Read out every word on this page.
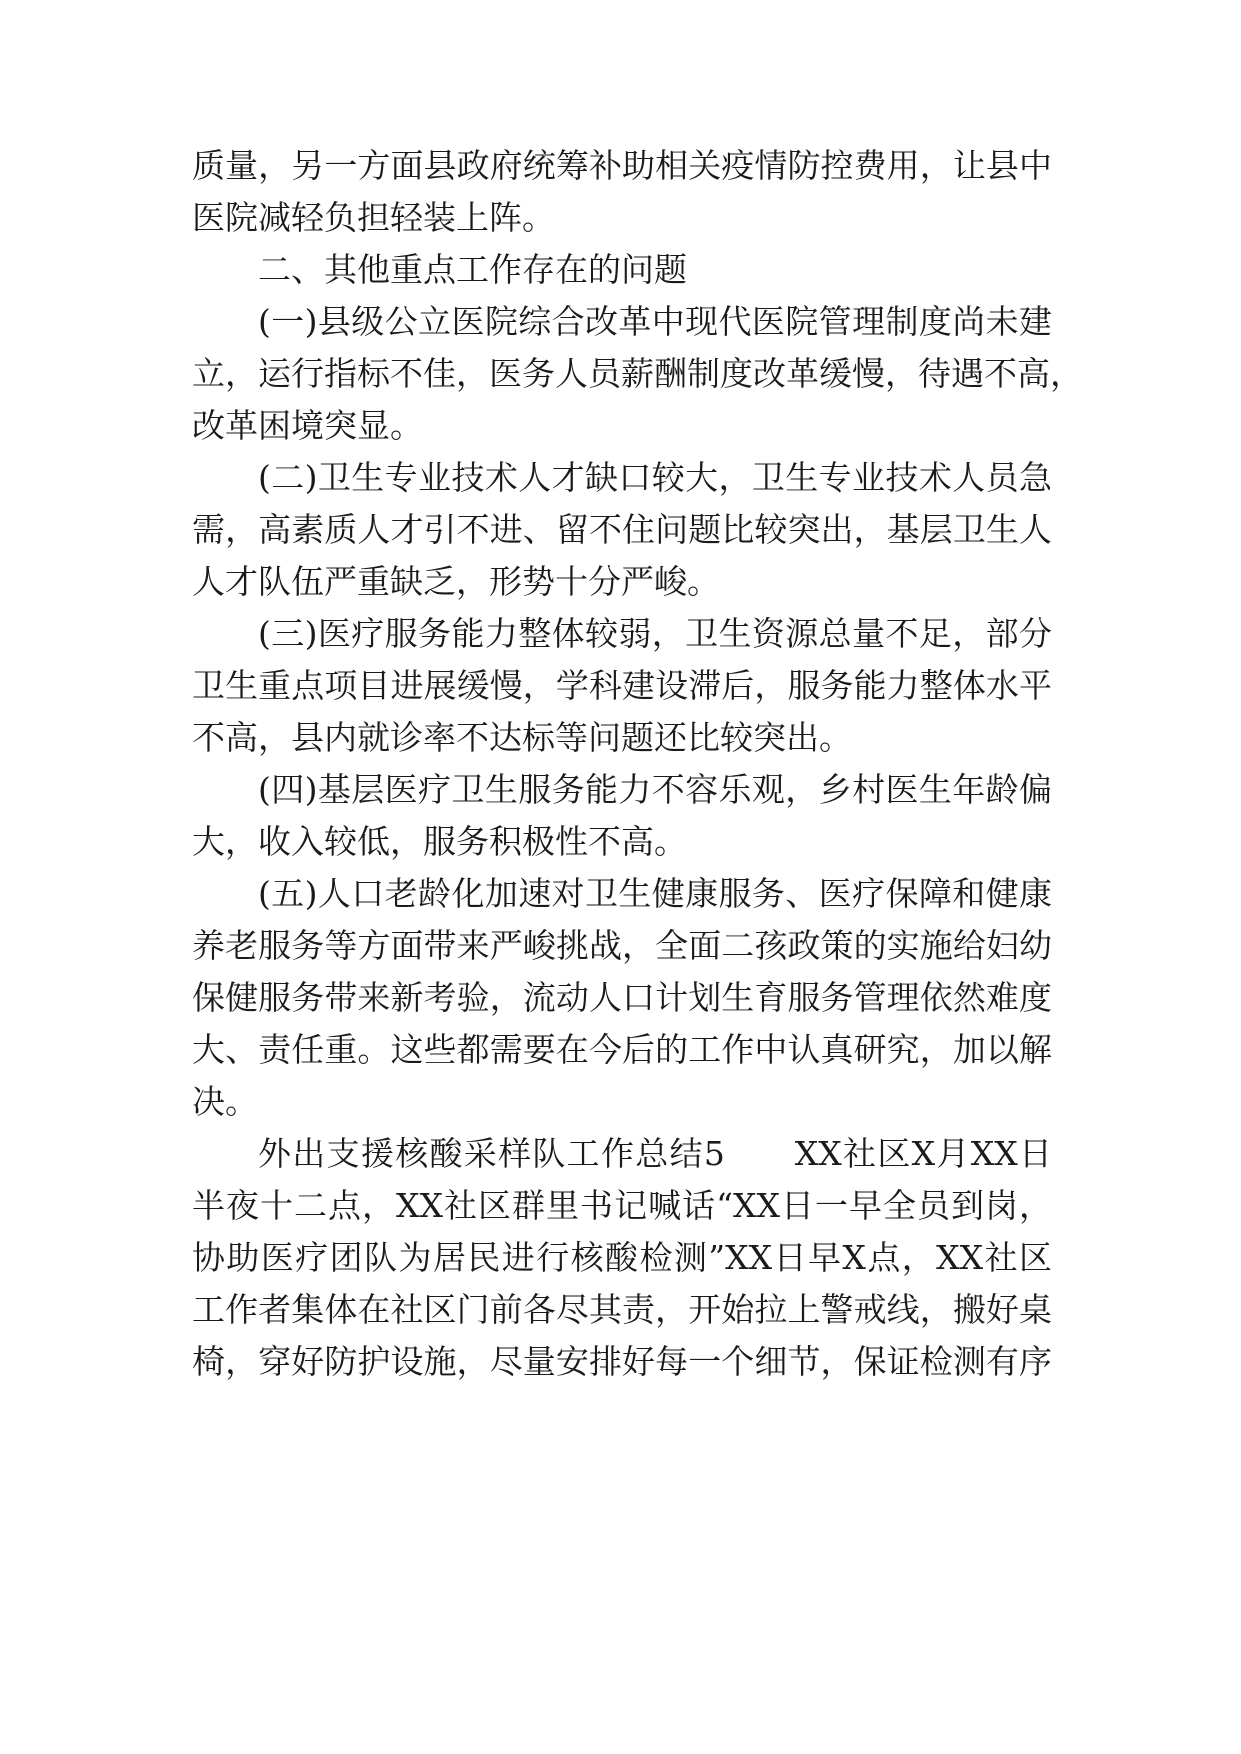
质量，另一方面县政府统筹补助相关疫情防控费用，让县中
医院减轻负担轻装上阵。
二、其他重点工作存在的问题
(一)县级公立医院综合改革中现代医院管理制度尚未建
立，运行指标不佳，医务人员薪酬制度改革缓慢，待遇不高，
改革困境突显。
(二)卫生专业技术人才缺口较大，卫生专业技术人员急
需，高素质人才引不进、留不住问题比较突出，基层卫生人
人才队伍严重缺乏，形势十分严峻。
(三)医疗服务能力整体较弱，卫生资源总量不足，部分
卫生重点项目进展缓慢，学科建设滞后，服务能力整体水平
不高，县内就诊率不达标等问题还比较突出。
(四)基层医疗卫生服务能力不容乐观，乡村医生年龄偏
大，收入较低，服务积极性不高。
(五)人口老龄化加速对卫生健康服务、医疗保障和健康
养老服务等方面带来严峻挑战，全面二孩政策的实施给妇幼
保健服务带来新考验，流动人口计划生育服务管理依然难度
大、责任重。这些都需要在今后的工作中认真研究，加以解
决。
外出支援核酸采样队工作总结5　　XX社区X月XX日
半夜十二点，XX社区群里书记喊话“XX日一早全员到岗，
协助医疗团队为居民进行核酸检测”XX日早X点，XX社区
工作者集体在社区门前各尽其责，开始拉上警戒线，搬好桌
椅，穿好防护设施，尽量安排好每一个细节，保证检测有序
